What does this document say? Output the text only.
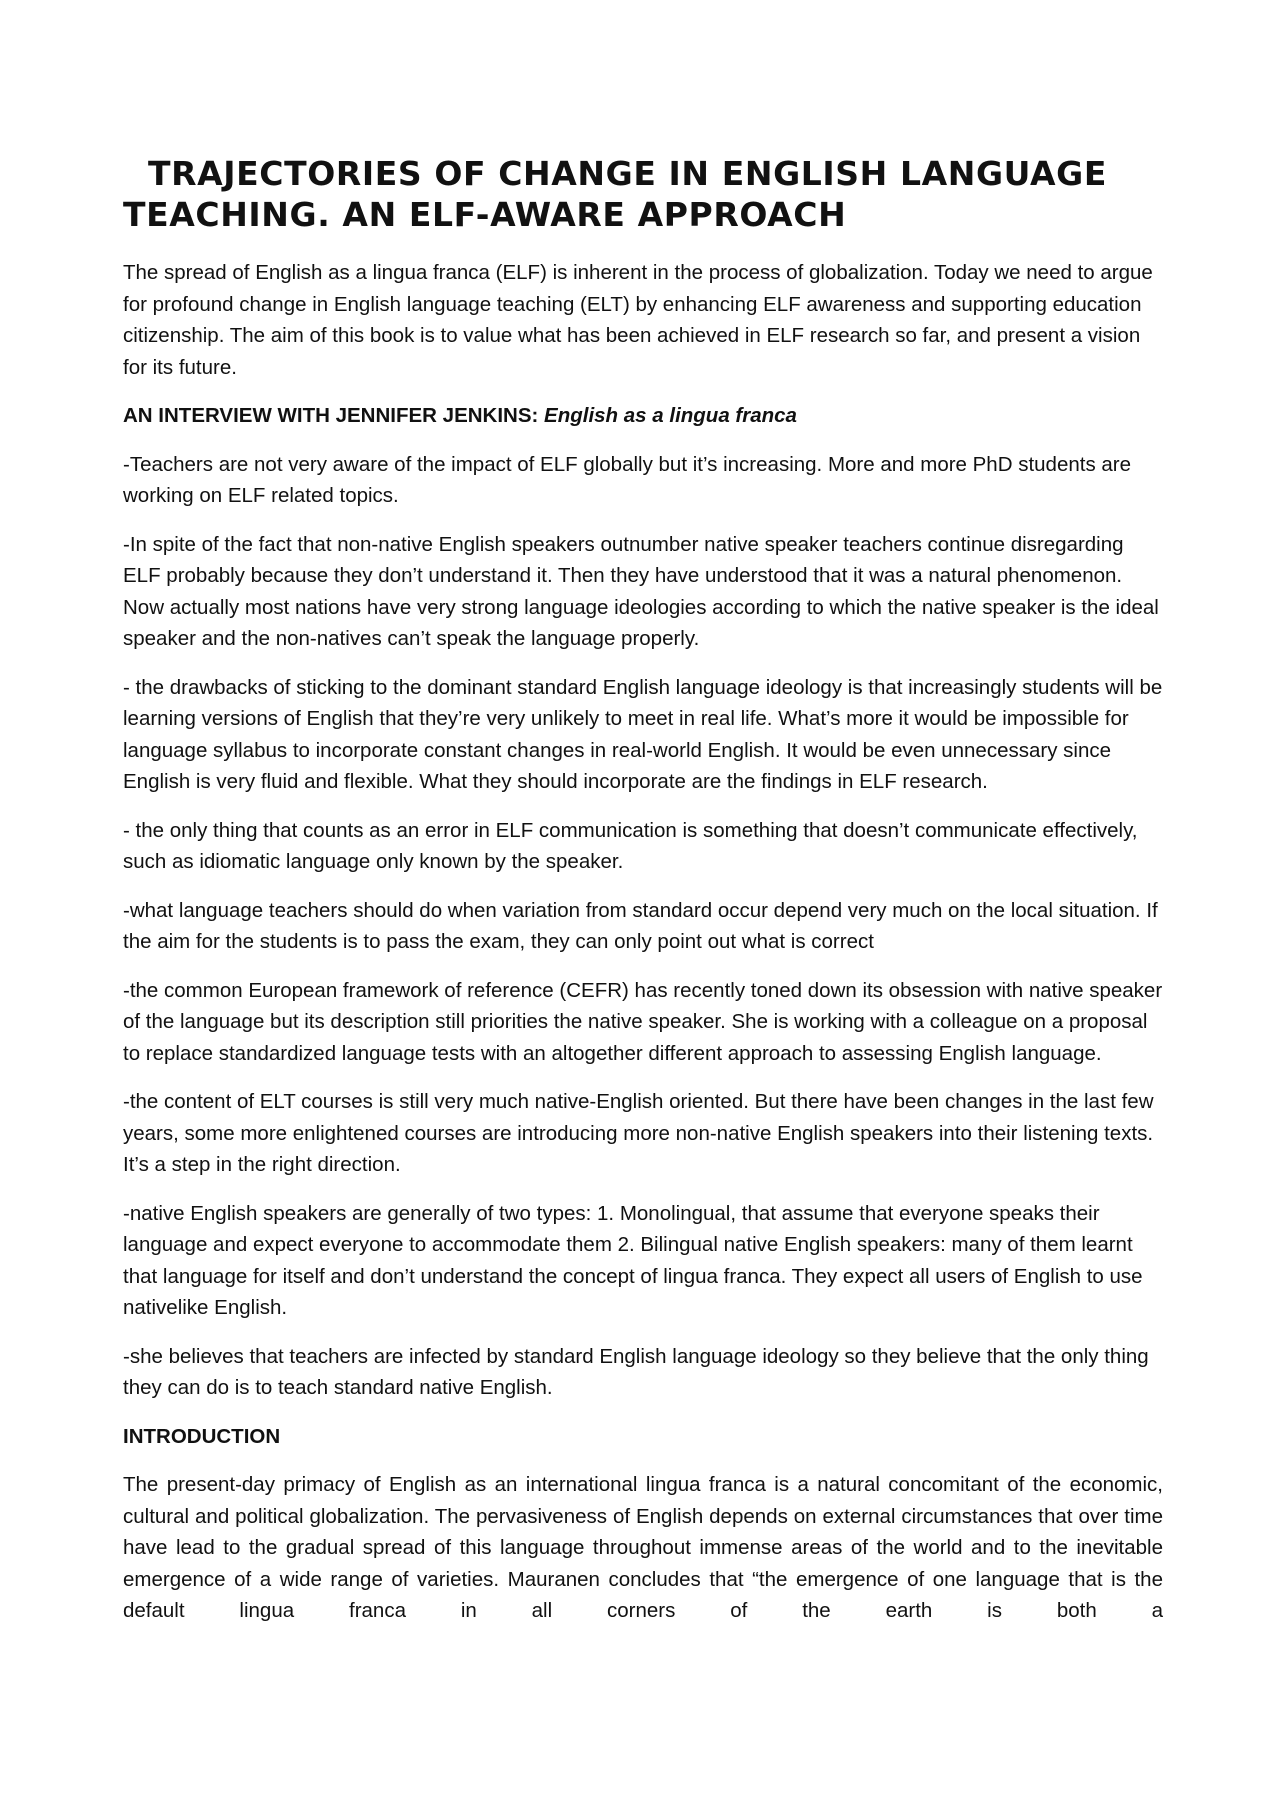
TRAJECTORIES OF CHANGE IN ENGLISH LANGUAGE TEACHING. AN ELF-AWARE APPROACH

The spread of English as a lingua franca (ELF) is inherent in the process of globalization. Today we need to argue for profound change in English language teaching (ELT) by enhancing ELF awareness and supporting education citizenship. The aim of this book is to value what has been achieved in ELF research so far, and present a vision for its future.

AN INTERVIEW WITH JENNIFER JENKINS: English as a lingua franca

-Teachers are not very aware of the impact of ELF globally but it’s increasing. More and more PhD students are working on ELF related topics.

-In spite of the fact that non-native English speakers outnumber native speaker teachers continue disregarding ELF probably because they don’t understand it. Then they have understood that it was a natural phenomenon. Now actually most nations have very strong language ideologies according to which the native speaker is the ideal speaker and the non-natives can’t speak the language properly.

- the drawbacks of sticking to the dominant standard English language ideology is that increasingly students will be learning versions of English that they’re very unlikely to meet in real life. What’s more it would be impossible for language syllabus to incorporate constant changes in real-world English. It would be even unnecessary since English is very fluid and flexible. What they should incorporate are the findings in ELF research.

- the only thing that counts as an error in ELF communication is something that doesn’t communicate effectively, such as idiomatic language only known by the speaker.

-what language teachers should do when variation from standard occur depend very much on the local situation. If the aim for the students is to pass the exam, they can only point out what is correct

-the common European framework of reference (CEFR) has recently toned down its obsession with native speaker of the language but its description still priorities the native speaker. She is working with a colleague on a proposal to replace standardized language tests with an altogether different approach to assessing English language.

-the content of ELT courses is still very much native-English oriented. But there have been changes in the last few years, some more enlightened courses are introducing more non-native English speakers into their listening texts. It’s a step in the right direction.

-native English speakers are generally of two types: 1. Monolingual, that assume that everyone speaks their language and expect everyone to accommodate them 2. Bilingual native English speakers: many of them learnt that language for itself and don’t understand the concept of lingua franca. They expect all users of English to use nativelike English.

-she believes that teachers are infected by standard English language ideology so they believe that the only thing they can do is to teach standard native English.

INTRODUCTION

The present-day primacy of English as an international lingua franca is a natural concomitant of the economic, cultural and political globalization. The pervasiveness of English depends on external circumstances that over time have lead to the gradual spread of this language throughout immense areas of the world and to the inevitable emergence of a wide range of varieties. Mauranen concludes that “the emergence of one language that is the default lingua franca in all corners of the earth is both a
